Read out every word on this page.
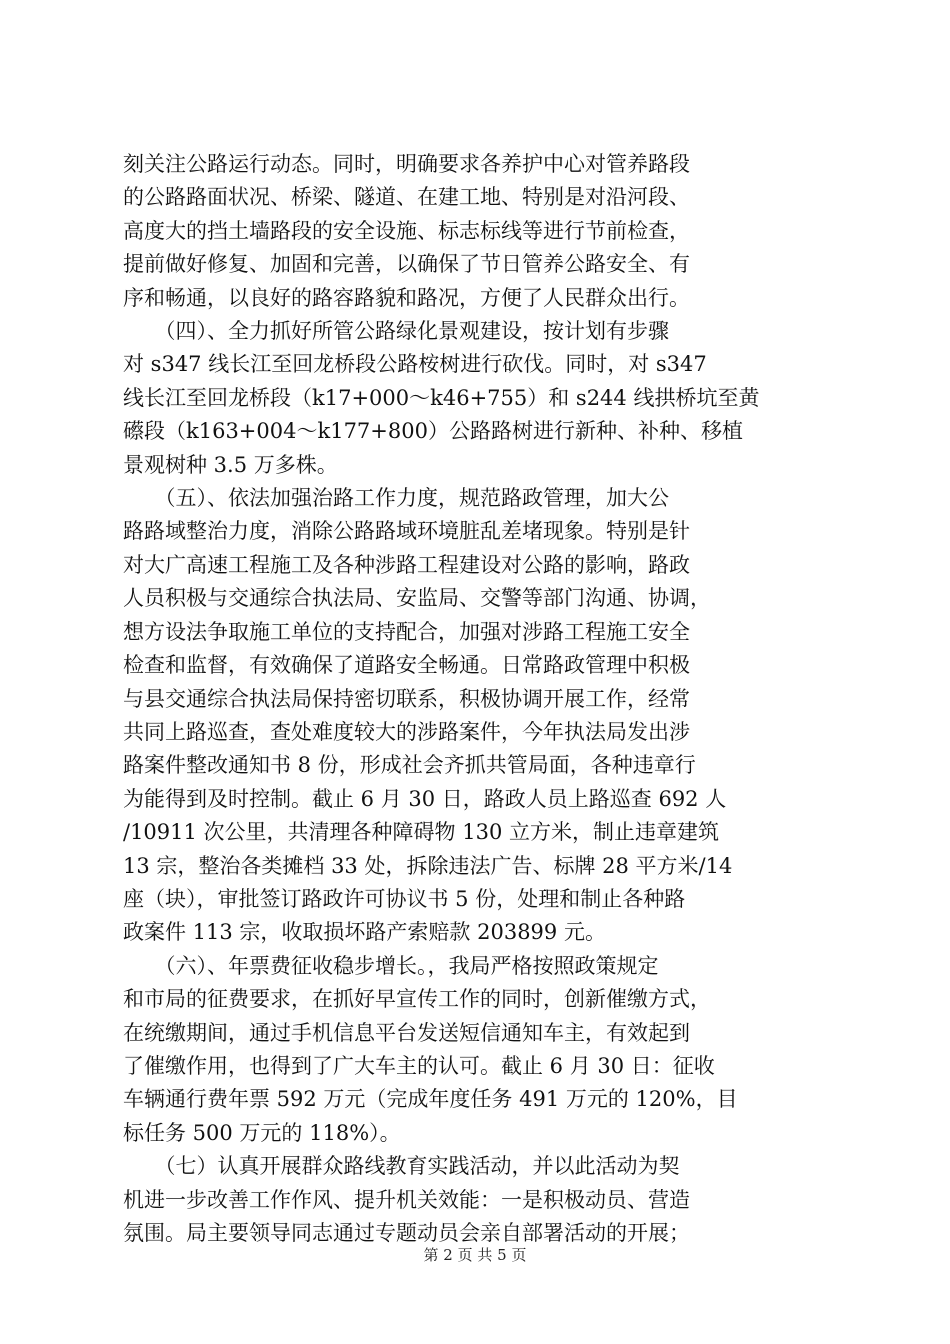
刻关注公路运行动态。同时，明确要求各养护中心对管养路段
的公路路面状况、桥梁、隧道、在建工地、特别是对沿河段、
高度大的挡土墙路段的安全设施、标志标线等进行节前检查，
提前做好修复、加固和完善，以确保了节日管养公路安全、有
序和畅通，以良好的路容路貌和路况，方便了人民群众出行。
　　（四）、全力抓好所管公路绿化景观建设，按计划有步骤
对 s347 线长江至回龙桥段公路桉树进行砍伐。同时，对 s347
线长江至回龙桥段（k17+000～k46+755）和 s244 线拱桥坑至黄
礤段（k163+004～k177+800）公路路树进行新种、补种、移植
景观树种 3.5 万多株。
　　（五）、依法加强治路工作力度，规范路政管理，加大公
路路域整治力度，消除公路路域环境脏乱差堵现象。特别是针
对大广高速工程施工及各种涉路工程建设对公路的影响，路政
人员积极与交通综合执法局、安监局、交警等部门沟通、协调，
想方设法争取施工单位的支持配合，加强对涉路工程施工安全
检查和监督，有效确保了道路安全畅通。日常路政管理中积极
与县交通综合执法局保持密切联系，积极协调开展工作，经常
共同上路巡查，查处难度较大的涉路案件，今年执法局发出涉
路案件整改通知书 8 份，形成社会齐抓共管局面，各种违章行
为能得到及时控制。截止 6 月 30 日，路政人员上路巡查 692 人
/10911 次公里，共清理各种障碍物 130 立方米，制止违章建筑
13 宗，整治各类摊档 33 处，拆除违法广告、标牌 28 平方米/14
座（块），审批签订路政许可协议书 5 份，处理和制止各种路
政案件 113 宗，收取损坏路产索赔款 203899 元。
　　（六）、年票费征收稳步增长。，我局严格按照政策规定
和市局的征费要求，在抓好早宣传工作的同时，创新催缴方式，
在统缴期间，通过手机信息平台发送短信通知车主，有效起到
了催缴作用，也得到了广大车主的认可。截止 6 月 30 日：征收
车辆通行费年票 592 万元（完成年度任务 491 万元的 120%，目
标任务 500 万元的 118%）。
　　（七）认真开展群众路线教育实践活动，并以此活动为契
机进一步改善工作作风、提升机关效能：一是积极动员、营造
氛围。局主要领导同志通过专题动员会亲自部署活动的开展；
第 2 页 共 5 页
